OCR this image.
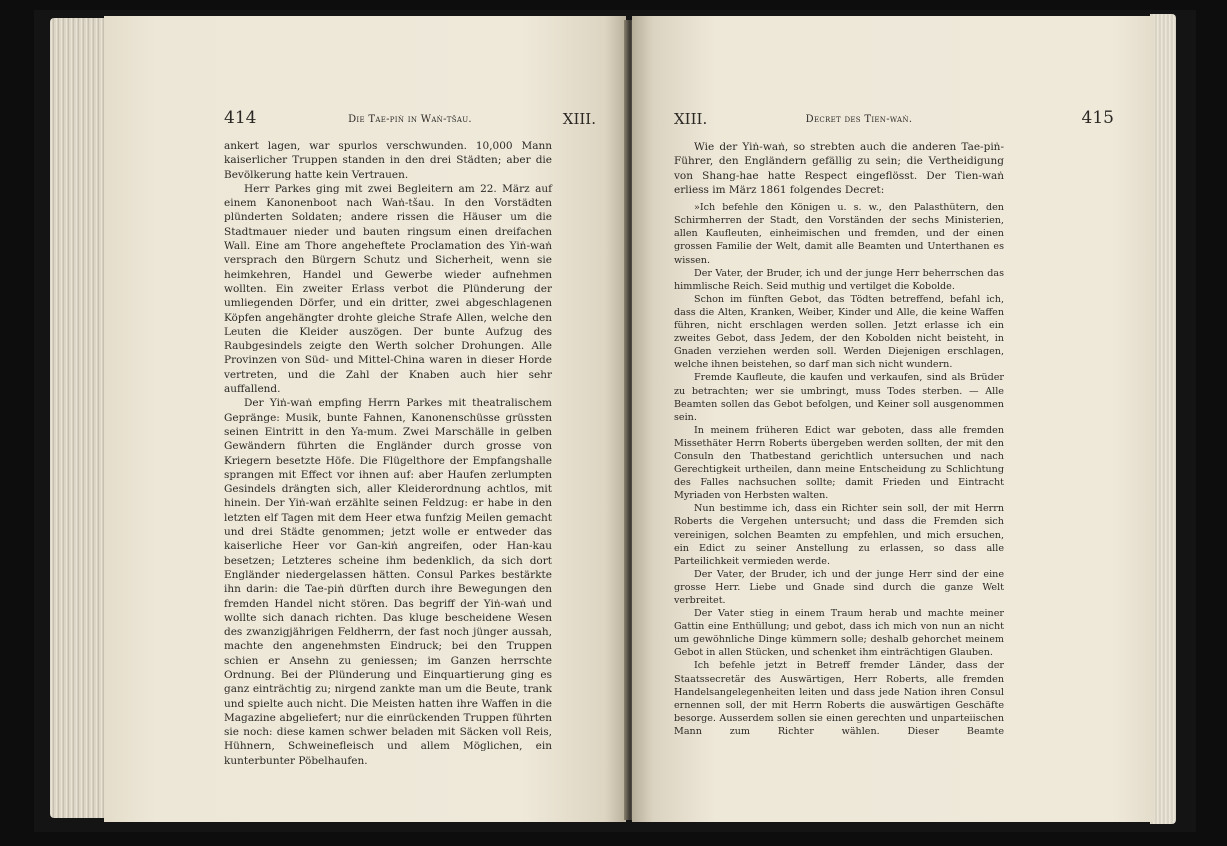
414	Die Tae-piṅ in Waṅ-tšau.	XIII.

ankert lagen, war spurlos verschwunden. 10,000 Mann kaiserlicher Truppen standen in den drei Städten; aber die Bevölkerung hatte kein Vertrauen.

Herr Parkes ging mit zwei Begleitern am 22. März auf einem Kanonenboot nach Waṅ-tšau. In den Vorstädten plünderten Soldaten; andere rissen die Häuser um die Stadtmauer nieder und bauten ringsum einen dreifachen Wall. Eine am Thore angeheftete Proclamation des Yiṅ-waṅ versprach den Bürgern Schutz und Sicherheit, wenn sie heimkehren, Handel und Gewerbe wieder aufnehmen wollten. Ein zweiter Erlass verbot die Plünderung der umliegenden Dörfer, und ein dritter, zwei abgeschlagenen Köpfen angehängter drohte gleiche Strafe Allen, welche den Leuten die Kleider auszögen. Der bunte Aufzug des Raubgesindels zeigte den Werth solcher Drohungen. Alle Provinzen von Süd- und Mittel-China waren in dieser Horde vertreten, und die Zahl der Knaben auch hier sehr auffallend.

Der Yiṅ-waṅ empfing Herrn Parkes mit theatralischem Gepränge: Musik, bunte Fahnen, Kanonenschüsse grüssten seinen Eintritt in den Ya-mum. Zwei Marschälle in gelben Gewändern führten die Engländer durch grosse von Kriegern besetzte Höfe. Die Flügelthore der Empfangshalle sprangen mit Effect vor ihnen auf: aber Haufen zerlumpten Gesindels drängten sich, aller Kleiderordnung achtlos, mit hinein. Der Yiṅ-waṅ erzählte seinen Feldzug: er habe in den letzten elf Tagen mit dem Heer etwa funfzig Meilen gemacht und drei Städte genommen; jetzt wolle er entweder das kaiserliche Heer vor Gan-kiṅ angreifen, oder Han-kau besetzen; Letzteres scheine ihm bedenklich, da sich dort Engländer niedergelassen hätten. Consul Parkes bestärkte ihn darin: die Tae-piṅ dürften durch ihre Bewegungen den fremden Handel nicht stören. Das begriff der Yiṅ-waṅ und wollte sich danach richten. Das kluge bescheidene Wesen des zwanzigjährigen Feldherrn, der fast noch jünger aussah, machte den angenehmsten Eindruck; bei den Truppen schien er Ansehn zu geniessen; im Ganzen herrschte Ordnung. Bei der Plünderung und Einquartierung ging es ganz einträchtig zu; nirgend zankte man um die Beute, trank und spielte auch nicht. Die Meisten hatten ihre Waffen in die Magazine abgeliefert; nur die einrückenden Truppen führten sie noch: diese kamen schwer beladen mit Säcken voll Reis, Hühnern, Schweinefleisch und allem Möglichen, ein kunterbunter Pöbelhaufen.

XIII.	Decret des Tien-waṅ.	415

Wie der Yiṅ-waṅ, so strebten auch die anderen Tae-piṅ-Führer, den Engländern gefällig zu sein; die Vertheidigung von Shang-hae hatte Respect eingeflösst. Der Tien-waṅ erliess im März 1861 folgendes Decret:

»Ich befehle den Königen u. s. w., den Palasthütern, den Schirmherren der Stadt, den Vorständen der sechs Ministerien, allen Kaufleuten, einheimischen und fremden, und der einen grossen Familie der Welt, damit alle Beamten und Unterthanen es wissen.

Der Vater, der Bruder, ich und der junge Herr beherrschen das himmlische Reich. Seid muthig und vertilget die Kobolde.

Schon im fünften Gebot, das Tödten betreffend, befahl ich, dass die Alten, Kranken, Weiber, Kinder und Alle, die keine Waffen führen, nicht erschlagen werden sollen. Jetzt erlasse ich ein zweites Gebot, dass Jedem, der den Kobolden nicht beisteht, in Gnaden verziehen werden soll. Werden Diejenigen erschlagen, welche ihnen beistehen, so darf man sich nicht wundern.

Fremde Kaufleute, die kaufen und verkaufen, sind als Brüder zu betrachten; wer sie umbringt, muss Todes sterben. — Alle Beamten sollen das Gebot befolgen, und Keiner soll ausgenommen sein.

In meinem früheren Edict war geboten, dass alle fremden Missethäter Herrn Roberts übergeben werden sollten, der mit den Consuln den Thatbestand gerichtlich untersuchen und nach Gerechtigkeit urtheilen, dann meine Entscheidung zu Schlichtung des Falles nachsuchen sollte; damit Frieden und Eintracht Myriaden von Herbsten walten.

Nun bestimme ich, dass ein Richter sein soll, der mit Herrn Roberts die Vergehen untersucht; und dass die Fremden sich vereinigen, solchen Beamten zu empfehlen, und mich ersuchen, ein Edict zu seiner Anstellung zu erlassen, so dass alle Parteilichkeit vermieden werde.

Der Vater, der Bruder, ich und der junge Herr sind der eine grosse Herr. Liebe und Gnade sind durch die ganze Welt verbreitet.

Der Vater stieg in einem Traum herab und machte meiner Gattin eine Enthüllung; und gebot, dass ich mich von nun an nicht um gewöhnliche Dinge kümmern solle; deshalb gehorchet meinem Gebot in allen Stücken, und schenket ihm einträchtigen Glauben.

Ich befehle jetzt in Betreff fremder Länder, dass der Staatssecretär des Auswärtigen, Herr Roberts, alle fremden Handelsangelegenheiten leiten und dass jede Nation ihren Consul ernennen soll, der mit Herrn Roberts die auswärtigen Geschäfte besorge. Ausserdem sollen sie einen gerechten und unparteiischen Mann zum Richter wählen. Dieser Beamte
